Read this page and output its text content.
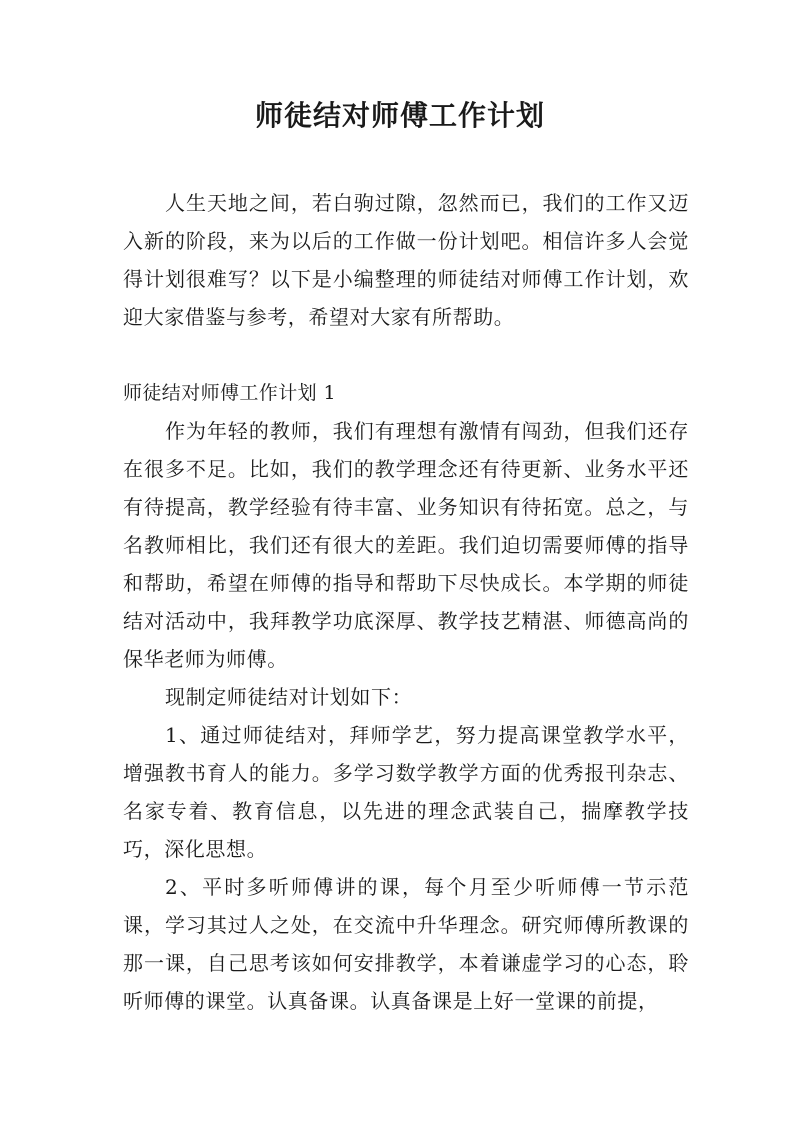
师徒结对师傅工作计划

人生天地之间，若白驹过隙，忽然而已，我们的工作又迈入新的阶段，来为以后的工作做一份计划吧。相信许多人会觉得计划很难写？以下是小编整理的师徒结对师傅工作计划，欢迎大家借鉴与参考，希望对大家有所帮助。

师徒结对师傅工作计划 1

作为年轻的教师，我们有理想有激情有闯劲，但我们还存在很多不足。比如，我们的教学理念还有待更新、业务水平还有待提高，教学经验有待丰富、业务知识有待拓宽。总之，与名教师相比，我们还有很大的差距。我们迫切需要师傅的指导和帮助，希望在师傅的指导和帮助下尽快成长。本学期的师徒结对活动中，我拜教学功底深厚、教学技艺精湛、师德高尚的保华老师为师傅。

现制定师徒结对计划如下：

1、通过师徒结对，拜师学艺，努力提高课堂教学水平，增强教书育人的能力。多学习数学教学方面的优秀报刊杂志、名家专着、教育信息，以先进的理念武装自己，揣摩教学技巧，深化思想。

2、平时多听师傅讲的课，每个月至少听师傅一节示范课，学习其过人之处，在交流中升华理念。研究师傅所教课的那一课，自己思考该如何安排教学，本着谦虚学习的心态，聆听师傅的课堂。认真备课。认真备课是上好一堂课的前提，
